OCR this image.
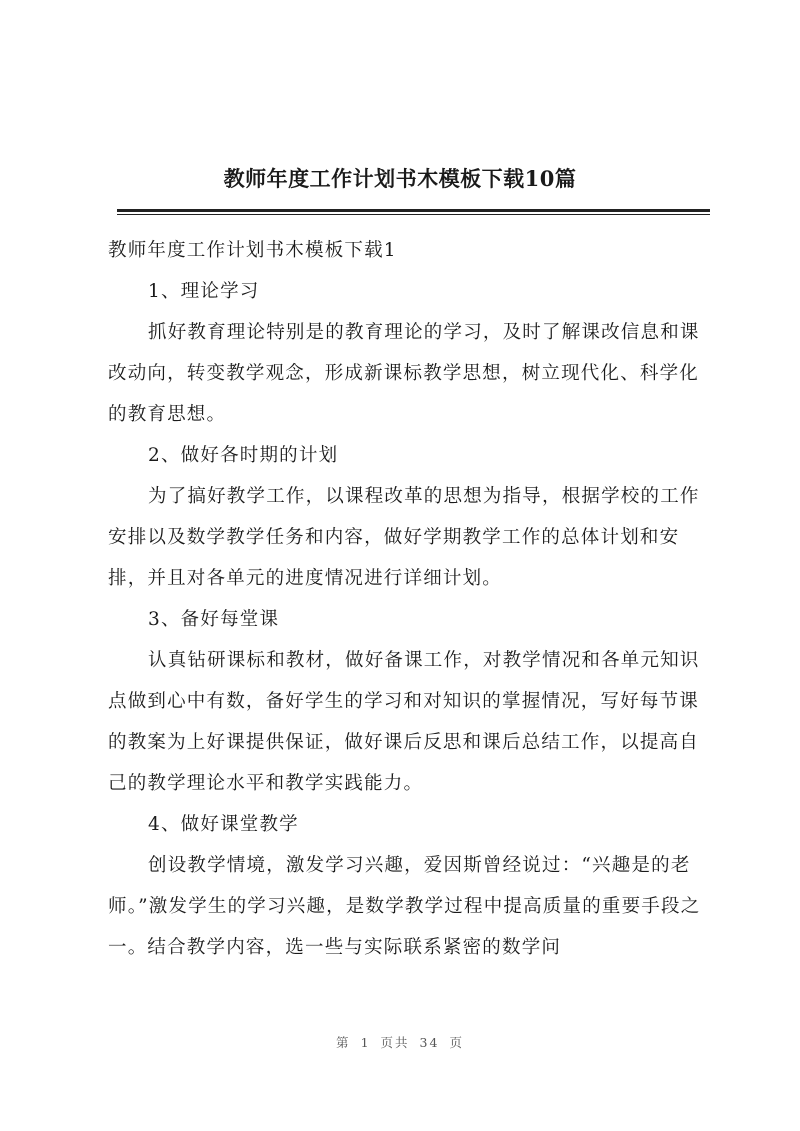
教师年度工作计划书木模板下载10篇

教师年度工作计划书木模板下载1

1、理论学习

抓好教育理论特别是的教育理论的学习，及时了解课改信息和课改动向，转变教学观念，形成新课标教学思想，树立现代化、科学化的教育思想。

2、做好各时期的计划

为了搞好教学工作，以课程改革的思想为指导，根据学校的工作安排以及数学教学任务和内容，做好学期教学工作的总体计划和安排，并且对各单元的进度情况进行详细计划。

3、备好每堂课

认真钻研课标和教材，做好备课工作，对教学情况和各单元知识点做到心中有数，备好学生的学习和对知识的掌握情况，写好每节课的教案为上好课提供保证，做好课后反思和课后总结工作，以提高自己的教学理论水平和教学实践能力。

4、做好课堂教学

创设教学情境，激发学习兴趣，爱因斯曾经说过：“兴趣是的老师。”激发学生的学习兴趣，是数学教学过程中提高质量的重要手段之一。结合教学内容，选一些与实际联系紧密的数学问

第 1 页共 34 页
